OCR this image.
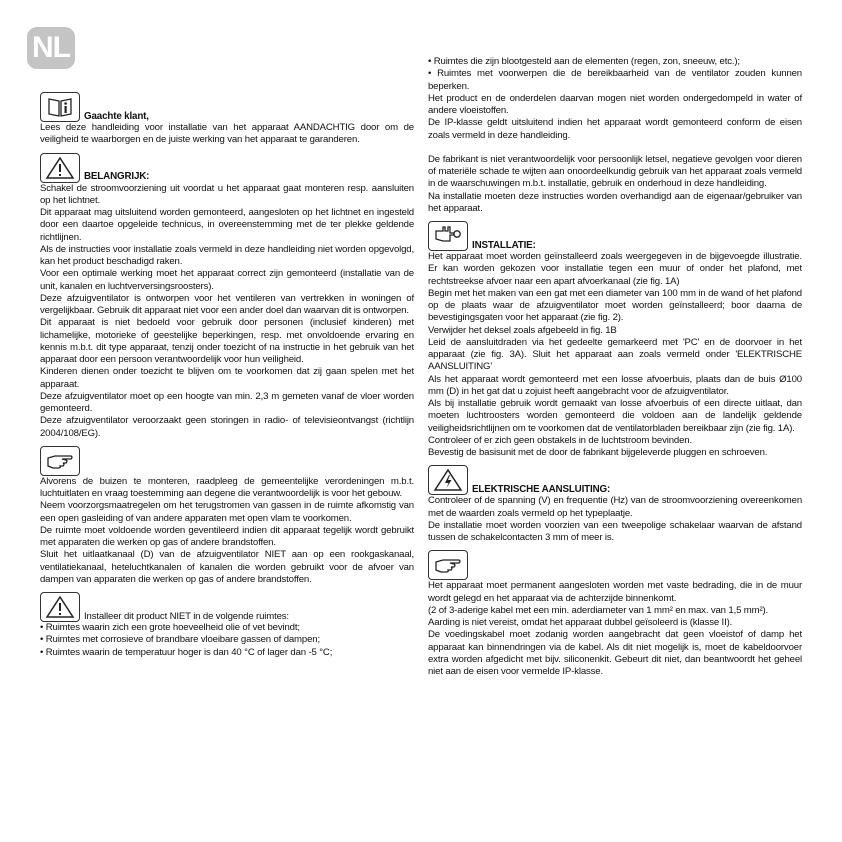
NL
Gaachte klant,

Lees deze handleiding voor installatie van het apparaat AANDACHTIG door om de veiligheid te waarborgen en de juiste werking van het apparaat te garanderen.

BELANGRIJK:

Schakel de stroomvoorziening uit voordat u het apparaat gaat monteren resp. aansluiten op het lichtnet.

Dit apparaat mag uitsluitend worden gemonteerd, aangesloten op het lichtnet en ingesteld door een daartoe opgeleide technicus, in overeenstemming met de ter plekke geldende richtlijnen.

Als de instructies voor installatie zoals vermeld in deze handleiding niet worden opgevolgd, kan het product beschadigd raken.

Voor een optimale werking moet het apparaat correct zijn gemonteerd (installatie van de unit, kanalen en luchtverversingsroosters).

Deze afzuigventilator is ontworpen voor het ventileren van vertrekken in woningen of vergelijkbaar. Gebruik dit apparaat niet voor een ander doel dan waarvan dit is ontworpen.

Dit apparaat is niet bedoeld voor gebruik door personen (inclusief kinderen) met lichamelijke, motorieke of geestelijke beperkingen, resp. met onvoldoende ervaring en kennis m.b.t. dit type apparaat, tenzij onder toezicht of na instructie in het gebruik van het apparaat door een persoon verantwoordelijk voor hun veiligheid.

Kinderen dienen onder toezicht te blijven om te voorkomen dat zij gaan spelen met het apparaat.

Deze afzuigventilator moet op een hoogte van min. 2,3 m gemeten vanaf de vloer worden gemonteerd.

Deze afzuigventilator veroorzaakt geen storingen in radio- of televisieontvangst (richtlijn 2004/108/EG).

Alvorens de buizen te monteren, raadpleeg de gemeentelijke verordeningen m.b.t. luchtuitlaten en vraag toestemming aan degene die verantwoordelijk is voor het gebouw.

Neem voorzorgsmaatregelen om het terugstromen van gassen in de ruimte afkomstig van een open gasleiding of van andere apparaten met open vlam te voorkomen.

De ruimte moet voldoende worden geventileerd indien dit apparaat tegelijk wordt gebruikt met apparaten die werken op gas of andere brandstoffen.

Sluit het uitlaatkanaal (D) van de afzuigventilator NIET aan op een rookgaskanaal, ventilatiekanaal, heteluchtkanalen of kanalen die worden gebruikt voor de afvoer van dampen van apparaten die werken op gas of andere brandstoffen.

Installeer dit product NIET in de volgende ruimtes:

• Ruimtes waarin zich een grote hoeveelheid olie of vet bevindt;

• Ruimtes met corrosieve of brandbare vloeibare gassen of dampen;

• Ruimtes waarin de temperatuur hoger is dan 40 °C of lager dan -5 °C;

• Ruimtes die zijn blootgesteld aan de elementen (regen, zon, sneeuw, etc.);

• Ruimtes met voorwerpen die de bereikbaarheid van de ventilator zouden kunnen beperken.

Het product en de onderdelen daarvan mogen niet worden ondergedompeld in water of andere vloeistoffen.

De IP-klasse geldt uitsluitend indien het apparaat wordt gemonteerd conform de eisen zoals vermeld in deze handleiding.

De fabrikant is niet verantwoordelijk voor persoonlijk letsel, negatieve gevolgen voor dieren of materiële schade te wijten aan onoordeelkundig gebruik van het apparaat zoals vermeld in de waarschuwingen m.b.t. installatie, gebruik en onderhoud in deze handleiding.

Na installatie moeten deze instructies worden overhandigd aan de eigenaar/gebruiker van het apparaat.

INSTALLATIE:

Het apparaat moet worden geïnstalleerd zoals weergegeven in de bijgevoegde illustratie. Er kan worden gekozen voor installatie tegen een muur of onder het plafond, met rechtstreekse afvoer naar een apart afvoerkanaal (zie fig. 1A)

Begin met het maken van een gat met een diameter van 100 mm in de wand of het plafond op de plaats waar de afzuigventilator moet worden geïnstalleerd; boor daarna de bevestigingsgaten voor het apparaat (zie fig. 2).

Verwijder het deksel zoals afgebeeld in fig. 1B

Leid de aansluitdraden via het gedeelte gemarkeerd met 'PC' en de doorvoer in het apparaat (zie fig. 3A). Sluit het apparaat aan zoals vermeld onder 'ELEKTRISCHE AANSLUITING'

Als het apparaat wordt gemonteerd met een losse afvoerbuis, plaats dan de buis Ø100 mm (D) in het gat dat u zojuist heeft aangebracht voor de afzuigventilator.

Als bij installatie gebruik wordt gemaakt van losse afvoerbuis of een directe uitlaat, dan moeten luchtroosters worden gemonteerd die voldoen aan de landelijk geldende veiligheidsrichtlijnen om te voorkomen dat de ventilatorbladen bereikbaar zijn (zie fig. 1A).

Controleer of er zich geen obstakels in de luchtstroom bevinden.

Bevestig de basisunit met de door de fabrikant bijgeleverde pluggen en schroeven.

ELEKTRISCHE AANSLUITING:

Controleer of de spanning (V) en frequentie (Hz) van de stroomvoorziening overeenkomen met de waarden zoals vermeld op het typeplaatje.

De installatie moet worden voorzien van een tweepolige schakelaar waarvan de afstand tussen de schakelcontacten 3 mm of meer is.

Het apparaat moet permanent aangesloten worden met vaste bedrading, die in de muur wordt gelegd en het apparaat via de achterzijde binnenkomt.

(2 of 3-aderige kabel met een min. aderdiameter van 1 mm² en max. van 1,5 mm²).

Aarding is niet vereist, omdat het apparaat dubbel geïsoleerd is (klasse II).

De voedingskabel moet zodanig worden aangebracht dat geen vloeistof of damp het apparaat kan binnendringen via de kabel. Als dit niet mogelijk is, moet de kabeldoorvoer extra worden afgedicht met bijv. siliconenkit. Gebeurt dit niet, dan beantwoordt het geheel niet aan de eisen voor vermelde IP-klasse.
